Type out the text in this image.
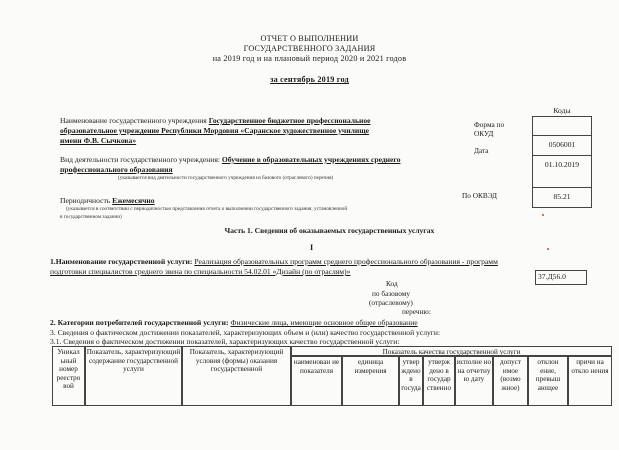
ОТЧЕТ О ВЫПОЛНЕНИИ
ГОСУДАРСТВЕННОГО ЗАДАНИЯ
на 2019 год и на плановый период 2020 и 2021 годов
за сентябрь 2019 год
Коды
0506001
01.10.2019
85.21
Форма по
ОКУД
Дата
По ОКВЭД
Наименование государственного учреждения Государственное бюджетное профессиональное
образовательное учреждение Республики Мордовия «Саранское художественное училище
имени Ф.В. Сычкова»
Вид деятельности государственного учреждения: Обучение в образовательных учреждениях среднего
профессионального образования
(указывается вид деятельности государственного учреждения из базового (отраслевого) перечня)
Периодичность Ежемесячно
(указывается в соответствии с периодичностью представления отчета о выполнении государственного задания, установленной
в государственном задании)
Часть 1. Сведения об оказываемых государственных услугах
I
1.Наименование государственной услуги: Реализация образовательных программ среднего профессионального образования - программ
подготовки специалистов среднего звена по специальности 54.02.01 «Дизайн (по отраслям)»
37.Д56.0
Код
по базовому
(отраслевому)
перечню:
2. Категории потребителей государственной услуги: Физические лица, имеющие основное общее образование
3. Сведения о фактическом достижении показателей, характеризующих объем и (или) качество государственной услуги:
3.1. Сведения о фактическом достижении показателей, характеризующих качество государственной услуги:
Уникал ьный номер реестро вой
Показатель, характеризующий содержание государственной услуги
Показатель, характеризующий условия (формы) оказания государственной
Показатель качества государственной услуги
наименован ие показателя
единица измерения
утвер ждено в госуда
утверж дено в государ ственно
исполне но на отчетну ю дату
допуст имое (возмо жное)
отклон ение, превыш ающее
причи на откло нения
